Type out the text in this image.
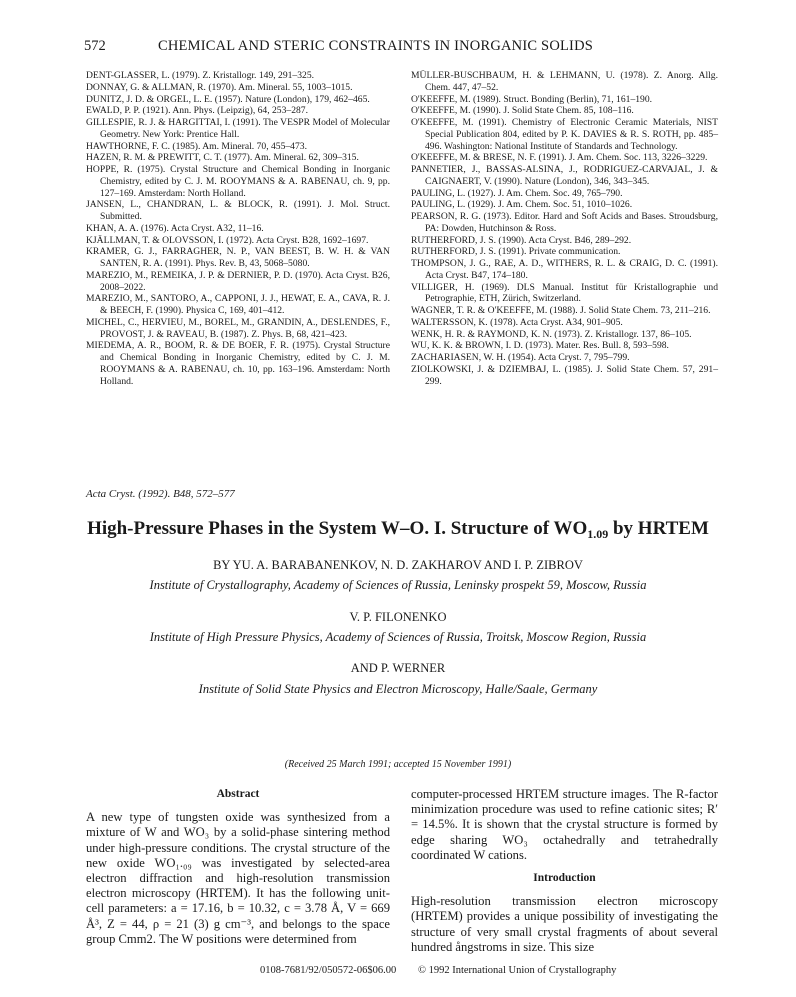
572	CHEMICAL AND STERIC CONSTRAINTS IN INORGANIC SOLIDS
DENT-GLASSER, L. (1979). Z. Kristallogr. 149, 291–325.
DONNAY, G. & ALLMAN, R. (1970). Am. Mineral. 55, 1003–1015.
DUNITZ, J. D. & ORGEL, L. E. (1957). Nature (London), 179, 462–465.
EWALD, P. P. (1921). Ann. Phys. (Leipzig), 64, 253–287.
GILLESPIE, R. J. & HARGITTAI, I. (1991). The VESPR Model of Molecular Geometry. New York: Prentice Hall.
HAWTHORNE, F. C. (1985). Am. Mineral. 70, 455–473.
HAZEN, R. M. & PREWITT, C. T. (1977). Am. Mineral. 62, 309–315.
HOPPE, R. (1975). Crystal Structure and Chemical Bonding in Inorganic Chemistry, edited by C. J. M. ROOYMANS & A. RABENAU, ch. 9, pp. 127–169. Amsterdam: North Holland.
JANSEN, L., CHANDRAN, L. & BLOCK, R. (1991). J. Mol. Struct. Submitted.
KHAN, A. A. (1976). Acta Cryst. A32, 11–16.
KJÄLLMAN, T. & OLOVSSON, I. (1972). Acta Cryst. B28, 1692–1697.
KRAMER, G. J., FARRAGHER, N. P., VAN BEEST, B. W. H. & VAN SANTEN, R. A. (1991). Phys. Rev. B, 43, 5068–5080.
MAREZIO, M., REMEIKA, J. P. & DERNIER, P. D. (1970). Acta Cryst. B26, 2008–2022.
MAREZIO, M., SANTORO, A., CAPPONI, J. J., HEWAT, E. A., CAVA, R. J. & BEECH, F. (1990). Physica C, 169, 401–412.
MICHEL, C., HERVIEU, M., BOREL, M., GRANDIN, A., DESLENDES, F., PROVOST, J. & RAVEAU, B. (1987). Z. Phys. B, 68, 421–423.
MIEDEMA, A. R., BOOM, R. & DE BOER, F. R. (1975). Crystal Structure and Chemical Bonding in Inorganic Chemistry, edited by C. J. M. ROOYMANS & A. RABENAU, ch. 10, pp. 163–196. Amsterdam: North Holland.
MÜLLER-BUSCHBAUM, H. & LEHMANN, U. (1978). Z. Anorg. Allg. Chem. 447, 47–52.
O'KEEFFE, M. (1989). Struct. Bonding (Berlin), 71, 161–190.
O'KEEFFE, M. (1990). J. Solid State Chem. 85, 108–116.
O'KEEFFE, M. (1991). Chemistry of Electronic Ceramic Materials, NIST Special Publication 804, edited by P. K. DAVIES & R. S. ROTH, pp. 485–496. Washington: National Institute of Standards and Technology.
O'KEEFFE, M. & BRESE, N. F. (1991). J. Am. Chem. Soc. 113, 3226–3229.
PANNETIER, J., BASSAS-ALSINA, J., RODRIGUEZ-CARVAJAL, J. & CAIGNAERT, V. (1990). Nature (London), 346, 343–345.
PAULING, L. (1927). J. Am. Chem. Soc. 49, 765–790.
PAULING, L. (1929). J. Am. Chem. Soc. 51, 1010–1026.
PEARSON, R. G. (1973). Editor. Hard and Soft Acids and Bases. Stroudsburg, PA: Dowden, Hutchinson & Ross.
RUTHERFORD, J. S. (1990). Acta Cryst. B46, 289–292.
RUTHERFORD, J. S. (1991). Private communication.
THOMPSON, J. G., RAE, A. D., WITHERS, R. L. & CRAIG, D. C. (1991). Acta Cryst. B47, 174–180.
VILLIGER, H. (1969). DLS Manual. Institut für Kristallographie und Petrographie, ETH, Zürich, Switzerland.
WAGNER, T. R. & O'KEEFFE, M. (1988). J. Solid State Chem. 73, 211–216.
WALTERSSON, K. (1978). Acta Cryst. A34, 901–905.
WENK, H. R. & RAYMOND, K. N. (1973). Z. Kristallogr. 137, 86–105.
WU, K. K. & BROWN, I. D. (1973). Mater. Res. Bull. 8, 593–598.
ZACHARIASEN, W. H. (1954). Acta Cryst. 7, 795–799.
ZIOLKOWSKI, J. & DZIEMBAJ, L. (1985). J. Solid State Chem. 57, 291–299.
Acta Cryst. (1992). B48, 572–577
High-Pressure Phases in the System W–O. I. Structure of $WO_{1.09}$ by HRTEM
BY YU. A. BARABANENKOV, N. D. ZAKHAROV AND I. P. ZIBROV
Institute of Crystallography, Academy of Sciences of Russia, Leninsky prospekt 59, Moscow, Russia
V. P. FILONENKO
Institute of High Pressure Physics, Academy of Sciences of Russia, Troitsk, Moscow Region, Russia
AND P. WERNER
Institute of Solid State Physics and Electron Microscopy, Halle/Saale, Germany
(Received 25 March 1991; accepted 15 November 1991)
Abstract

A new type of tungsten oxide was synthesized from a mixture of W and WO₃ by a solid-phase sintering method under high-pressure conditions. The crystal structure of the new oxide WO₁.₀₉ was investigated by selected-area electron diffraction and high-resolution transmission electron microscopy (HRTEM). It has the following unit-cell parameters: a = 17.16, b = 10.32, c = 3.78 Å, V = 669 Å³, Z = 44, ρ = 21 (3) g cm⁻³, and belongs to the space group Cmm2. The W positions were determined from

computer-processed HRTEM structure images. The R-factor minimization procedure was used to refine cationic sites; R′ = 14.5%. It is shown that the crystal structure is formed by edge sharing WO₃ octahedrally and tetrahedrally coordinated W cations.

Introduction

High-resolution transmission electron microscopy (HRTEM) provides a unique possibility of investigating the structure of very small crystal fragments of about several hundred ångstroms in size. This size

0108-7681/92/050572-06$06.00 © 1992 International Union of Crystallography
